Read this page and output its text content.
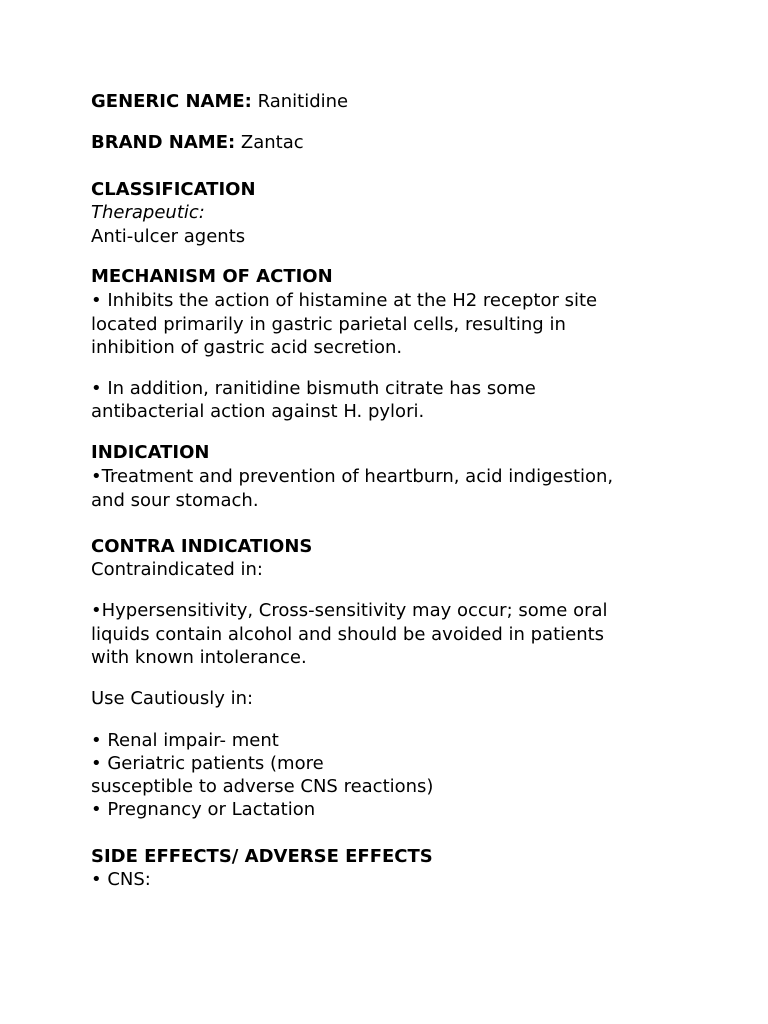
GENERIC NAME: Ranitidine
BRAND NAME: Zantac
CLASSIFICATION
Therapeutic:
Anti-ulcer agents
MECHANISM OF ACTION
• Inhibits the action of histamine at the H2 receptor site
located primarily in gastric parietal cells, resulting in
inhibition of gastric acid secretion.
• In addition, ranitidine bismuth citrate has some
antibacterial action against H. pylori.
INDICATION
•Treatment and prevention of heartburn, acid indigestion,
and sour stomach.
CONTRA INDICATIONS
Contraindicated in:
•Hypersensitivity, Cross-sensitivity may occur; some oral
liquids contain alcohol and should be avoided in patients
with known intolerance.
Use Cautiously in:
• Renal impair- ment
• Geriatric patients (more
susceptible to adverse CNS reactions)
• Pregnancy or Lactation
SIDE EFFECTS/ ADVERSE EFFECTS
• CNS:
